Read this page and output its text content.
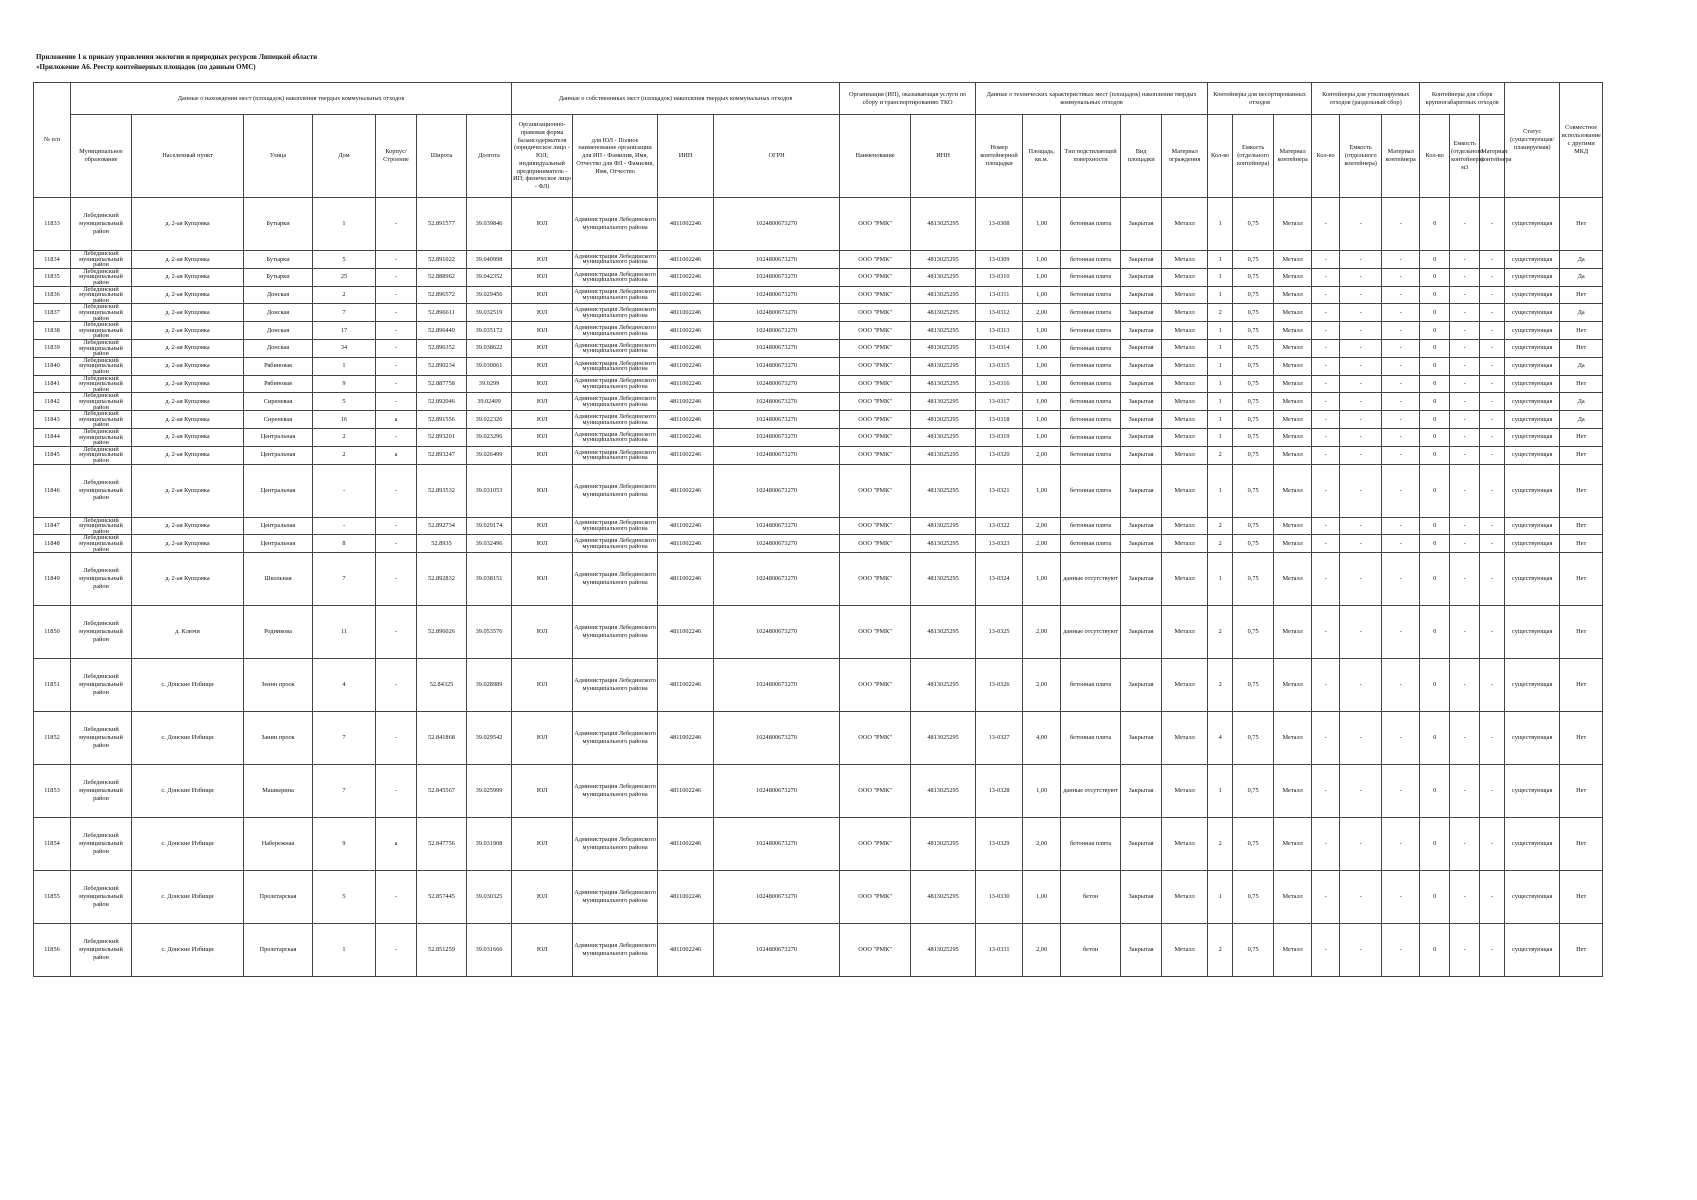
Приложение 1 к приказу управления экологии и природных ресурсов Липецкой области
«Приложение А6. Реестр контейнерных площадок (по данным ОМС)
№ п/п	Данные о нахождении мест (площадок) накопления твердых коммунальных отходов							Данные о собственниках мест (площадок) накопления твердых коммунальных отходов				Организация (ИП), оказывающая услуги по сбору и транспортированию ТКО		Данные о технических характеристиках мест (площадок) накопления твердых коммунальных отходов					Контейнеры для несортированных отходов			Контейнеры для утилизируемых отходов (раздельный сбор)			Контейнеры для сборк крупногабаритных отходов			Статус (существующая/ планируемая)	Совместное использование с другими МКД
	Муниципальное образование	Населенный пункт	Улица	Дом	Корпус/Строение	Широта	Долгота	Организационно-правовая форма балансодержателя (юридическое лицо - ЮЛ; индивидуальный предприниматель - ИП; физическое лицо - ФЛ)	для ЮЛ - Полное наименование организации для ИП - Фамилия, Имя, Отчество для ФЛ - Фамилия, Имя, Отчество	ИНН	ОГРН	Наименование	ИНН	Номер контейнерной площадки	Площадь, кв.м.	Тип подстилающей поверхности	Вид площадки	Материал ограждения	Кол-во	Емкость (отдельного контейнера)	Материал контейнера	Кол-во	Емкость (отдельного контейнера)	Материал контейнера	Кол-во	Емкость (отдельного контейнера) м3	Материал контейнера		
11833	Лебединский муниципальный район	д. 2-ая Купцовка	Бутырки	1	-	52.891577	39.039846	ЮЛ	Администрация Лебединского муниципального района	4811002246	1024800673270	ООО "РМК"	4813025295	13-0308	1,00	бетонная плита	Закрытая	Металл	1	0,75	Металл	-	-	-	0	-	-	существующая	Нет
11834	Лебединский муниципальный район	д. 2-ая Купцовка	Бутырки	5	-	52.891022	39.040998	ЮЛ	Администрация Лебединского муниципального района	4811002246	1024800673270	ООО "РМК"	4813025295	13-0309	1,00	бетонная плита	Закрытая	Металл	1	0,75	Металл	-	-	-	0	-	-	существующая	Да
11835	Лебединский муниципальный район	д. 2-ая Купцовка	Бутырки	25	-	52.888962	39.042352	ЮЛ	Администрация Лебединского муниципального района	4811002246	1024800673270	ООО "РМК"	4813025295	13-0310	1,00	бетонная плита	Закрытая	Металл	1	0,75	Металл	-	-	-	0	-	-	существующая	Да
11836	Лебединский муниципальный район	д. 2-ая Купцовка	Донская	2	-	52.896572	39.029456	ЮЛ	Администрация Лебединского муниципального района	4811002246	1024800673270	ООО "РМК"	4813025295	13-0311	1,00	бетонная плита	Закрытая	Металл	1	0,75	Металл	-	-	-	0	-	-	существующая	Нет
11837	Лебединский муниципальный район	д. 2-ая Купцовка	Донская	7	-	52.896611	39.032519	ЮЛ	Администрация Лебединского муниципального района	4811002246	1024800673270	ООО "РМК"	4813025295	13-0312	2,00	бетонная плита	Закрытая	Металл	2	0,75	Металл	-	-	-	0	-	-	существующая	Да
11838	Лебединский муниципальный район	д. 2-ая Купцовка	Донская	17	-	52.896449	39.035172	ЮЛ	Администрация Лебединского муниципального района	4811002246	1024800673270	ООО "РМК"	4813025295	13-0313	1,00	бетонная плита	Закрытая	Металл	1	0,75	Металл	-	-	-	0	-	-	существующая	Нет
11839	Лебединский муниципальный район	д. 2-ая Купцовка	Донская	34	-	52.896352	39.038622	ЮЛ	Администрация Лебединского муниципального района	4811002246	1024800673270	ООО "РМК"	4813025295	13-0314	1,00	бетонная плита	Закрытая	Металл	1	0,75	Металл	-	-	-	0	-	-	существующая	Нет
11840	Лебединский муниципальный район	д. 2-ая Купцовка	Рябиновая	1	-	52.890234	39.030061	ЮЛ	Администрация Лебединского муниципального района	4811002246	1024800673270	ООО "РМК"	4813025295	13-0315	1,00	бетонная плита	Закрытая	Металл	1	0,75	Металл	-	-	-	0	-	-	существующая	Да
11841	Лебединский муниципальный район	д. 2-ая Купцовка	Рябиновая	9	-	52.887758	39.0299	ЮЛ	Администрация Лебединского муниципального района	4811002246	1024800673270	ООО "РМК"	4813025295	13-0316	1,00	бетонная плита	Закрытая	Металл	1	0,75	Металл	-	-	-	0	-	-	существующая	Нет
11842	Лебединский муниципальный район	д. 2-ая Купцовка	Сиреневая	5	-	52.892046	39.02409	ЮЛ	Администрация Лебединского муниципального района	4811002246	1024800673270	ООО "РМК"	4813025295	13-0317	1,00	бетонная плита	Закрытая	Металл	1	0,75	Металл	-	-	-	0	-	-	существующая	Да
11843	Лебединский муниципальный район	д. 2-ая Купцовка	Сиреневая	16	а	52.891556	39.022326	ЮЛ	Администрация Лебединского муниципального района	4811002246	1024800673270	ООО "РМК"	4813025295	13-0318	1,00	бетонная плита	Закрытая	Металл	1	0,75	Металл	-	-	-	0	-	-	существующая	Да
11844	Лебединский муниципальный район	д. 2-ая Купцовка	Центральная	2	-	52.893201	39.023296	ЮЛ	Администрация Лебединского муниципального района	4811002246	1024800673270	ООО "РМК"	4813025295	13-0319	1,00	бетонная плита	Закрытая	Металл	1	0,75	Металл	-	-	-	0	-	-	существующая	Нет
11845	Лебединский муниципальный район	д. 2-ая Купцовка	Центральная	2	а	52.893247	39.026499	ЮЛ	Администрация Лебединского муниципального района	4811002246	1024800673270	ООО "РМК"	4813025295	13-0320	2,00	бетонная плита	Закрытая	Металл	2	0,75	Металл	-	-	-	0	-	-	существующая	Нет
11846	Лебединский муниципальный район	д. 2-ая Купцовка	Центральная	-	-	52.893532	39.031053	ЮЛ	Администрация Лебединского муниципального района	4811002246	1024800673270	ООО "РМК"	4813025295	13-0321	1,00	бетонная плита	Закрытая	Металл	1	0,75	Металл	-	-	-	0	-	-	существующая	Нет
11847	Лебединский муниципальный район	д. 2-ая Купцовка	Центральная	-	-	52.892734	39.029174	ЮЛ	Администрация Лебединского муниципального района	4811002246	1024800673270	ООО "РМК"	4813025295	13-0322	2,00	бетонная плита	Закрытая	Металл	2	0,75	Металл	-	-	-	0	-	-	существующая	Нет
11848	Лебединский муниципальный район	д. 2-ая Купцовка	Центральная	8	-	52.8935	39.032496	ЮЛ	Администрация Лебединского муниципального района	4811002246	1024800673270	ООО "РМК"	4813025295	13-0323	2,00	бетонная плита	Закрытая	Металл	2	0,75	Металл	-	-	-	0	-	-	существующая	Нет
11849	Лебединский муниципальный район	д. 2-ая Купцовка	Школьная	7	-	52.892832	39.038151	ЮЛ	Администрация Лебединского муниципального района	4811002246	1024800673270	ООО "РМК"	4813025295	13-0324	1,00	данные отсутствуют	Закрытая	Металл	1	0,75	Металл	-	-	-	0	-	-	существующая	Нет
11850	Лебединский муниципальный район	д. Ключи	Родникова	11	-	52.896026	39.053576	ЮЛ	Администрация Лебединского муниципального района	4811002246	1024800673270	ООО "РМК"	4813025295	13-0325	2,00	данные отсутствуют	Закрытая	Металл	2	0,75	Металл	-	-	-	0	-	-	существующая	Нет
11851	Лебединский муниципальный район	с. Донские Избищи	Зеннн проок	4	-	52.84325	39.028989	ЮЛ	Администрация Лебединского муниципального района	4811002246	1024800673270	ООО "РМК"	4813025295	13-0326	2,00	бетонная плита	Закрытая	Металл	2	0,75	Металл	-	-	-	0	-	-	существующая	Нет
11852	Лебединский муниципальный район	с. Донские Избищи	Занин проок	7	-	52.841868	39.029542	ЮЛ	Администрация Лебединского муниципального района	4811002246	1024800673270	ООО "РМК"	4813025295	13-0327	4,00	бетонная плита	Закрытая	Металл	4	0,75	Металл	-	-	-	0	-	-	существующая	Нет
11853	Лебединский муниципальный район	с. Донские Избищи	Машкерина	7	-	52.845567	39.025999	ЮЛ	Администрация Лебединского муниципального района	4811002246	1024800673270	ООО "РМК"	4813025295	13-0328	1,00	данные отсутствуют	Закрытая	Металл	1	0,75	Металл	-	-	-	0	-	-	существующая	Нет
11854	Лебединский муниципальный район	с. Донские Избищи	Набережная	9	а	52.847756	39.031908	ЮЛ	Администрация Лебединского муниципального района	4811002246	1024800673270	ООО "РМК"	4813025295	13-0329	2,00	бетонная плита	Закрытая	Металл	2	0,75	Металл	-	-	-	0	-	-	существующая	Нет
11855	Лебединский муниципальный район	с. Донские Избищи	Пролетарская	5	-	52.857445	39.030325	ЮЛ	Администрация Лебединского муниципального района	4811002246	1024800673270	ООО "РМК"	4813025295	13-0330	1,00	бетон	Закрытая	Металл	1	0,75	Металл	-	-	-	0	-	-	существующая	Нет
11856	Лебединский муниципальный район	с. Донские Избищи	Пролетарская	1	-	52.851259	39.031666	ЮЛ	Администрация Лебединского муниципального района	4811002246	1024800673270	ООО "РМК"	4813025295	13-0331	2,00	бетон	Закрытая	Металл	2	0,75	Металл	-	-	-	0	-	-	существующая	Нет
